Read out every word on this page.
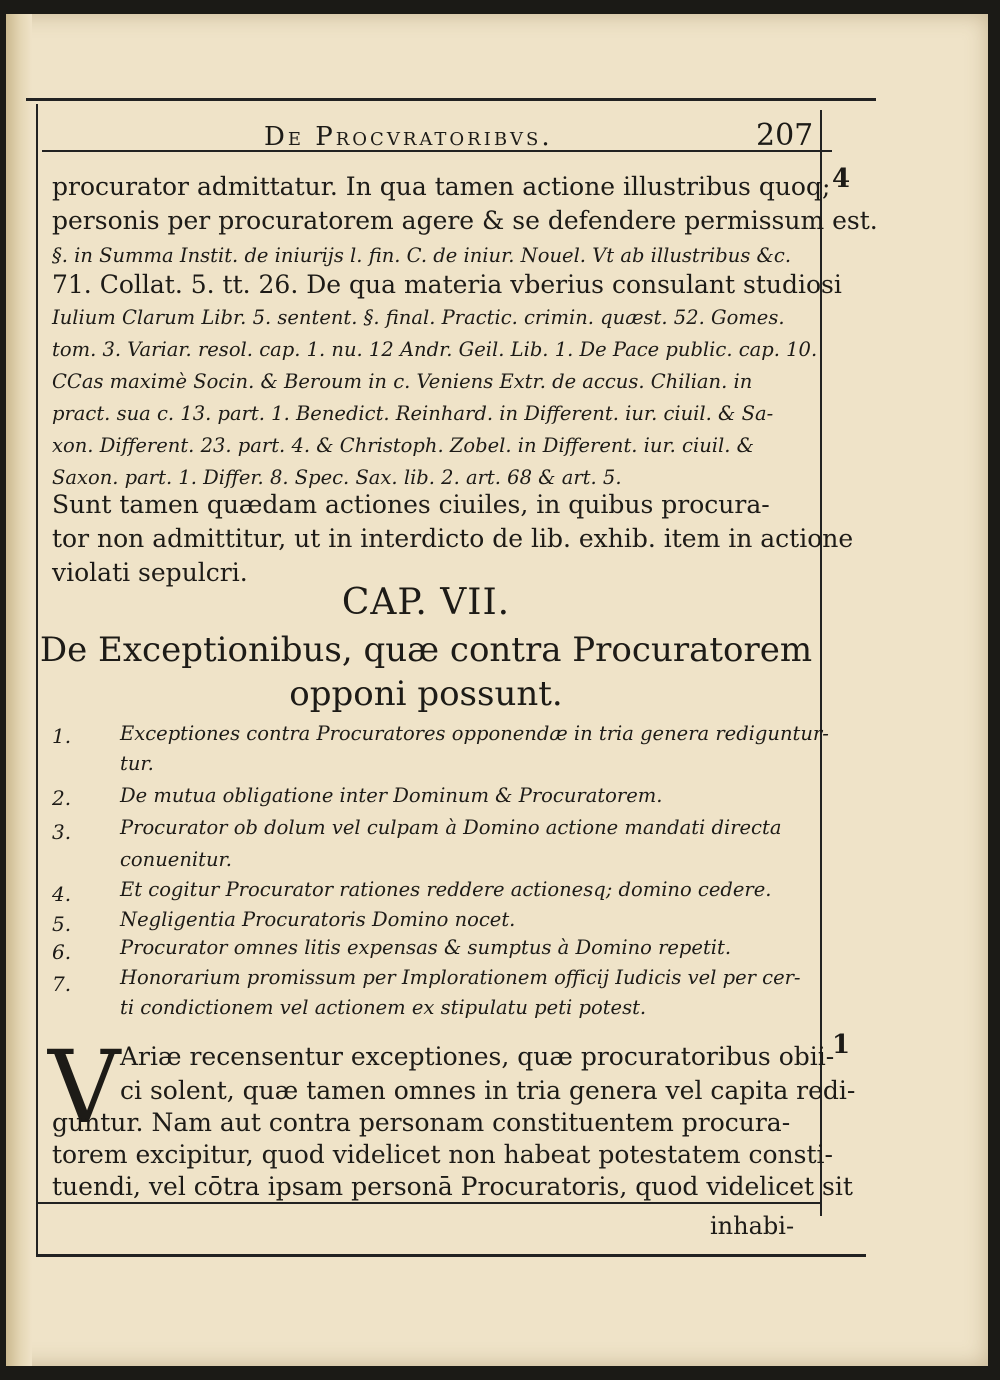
De Procvratoribvs.	207
4
1
procurator admittatur. In qua tamen actione illustribus quoq;
personis per procuratorem agere & se defendere permissum est.
§. in Summa Instit. de iniurijs l. fin. C. de iniur. Nouel. Vt ab illustribus &c.
71. Collat. 5. tt. 26. De qua materia vberius consulant studiosi
Iulium Clarum Libr. 5. sentent. §. final. Practic. crimin. quæst. 52. Gomes.
tom. 3. Variar. resol. cap. 1. nu. 12 Andr. Geil. Lib. 1. De Pace public. cap. 10.
CCas maximè Socin. & Beroum in c. Veniens Extr. de accus. Chilian. in
pract. sua c. 13. part. 1. Benedict. Reinhard. in Different. iur. ciuil. & Sa-
xon. Different. 23. part. 4. & Christoph. Zobel. in Different. iur. ciuil. &
Saxon. part. 1. Differ. 8. Spec. Sax. lib. 2. art. 68 & art. 5.
Sunt tamen quædam actiones ciuiles, in quibus procura-
tor non admittitur, ut in interdicto de lib. exhib. item in actione
violati sepulcri.
CAP. VII.
De Exceptionibus, quæ contra Procuratorem
opponi possunt.
1.	Exceptiones contra Procuratores opponendæ in tria genera rediguntur-
tur.
2.	De mutua obligatione inter Dominum & Procuratorem.
3.	Procurator ob dolum vel culpam à Domino actione mandati directa
conuenitur.
4.	Et cogitur Procurator rationes reddere actionesq; domino cedere.
5.	Negligentia Procuratoris Domino nocet.
6.	Procurator omnes litis expensas & sumptus à Domino repetit.
7.	Honorarium promissum per Implorationem officij Iudicis vel per cer-
ti condictionem vel actionem ex stipulatu peti potest.
V Ariæ recensentur exceptiones, quæ procuratoribus obii-
ci solent, quæ tamen omnes in tria genera vel capita redi-
guntur. Nam aut contra personam constituentem procura-
torem excipitur, quod videlicet non habeat potestatem consti-
tuendi, vel cōtra ipsam personā Procuratoris, quod videlicet sit
inhabi-
